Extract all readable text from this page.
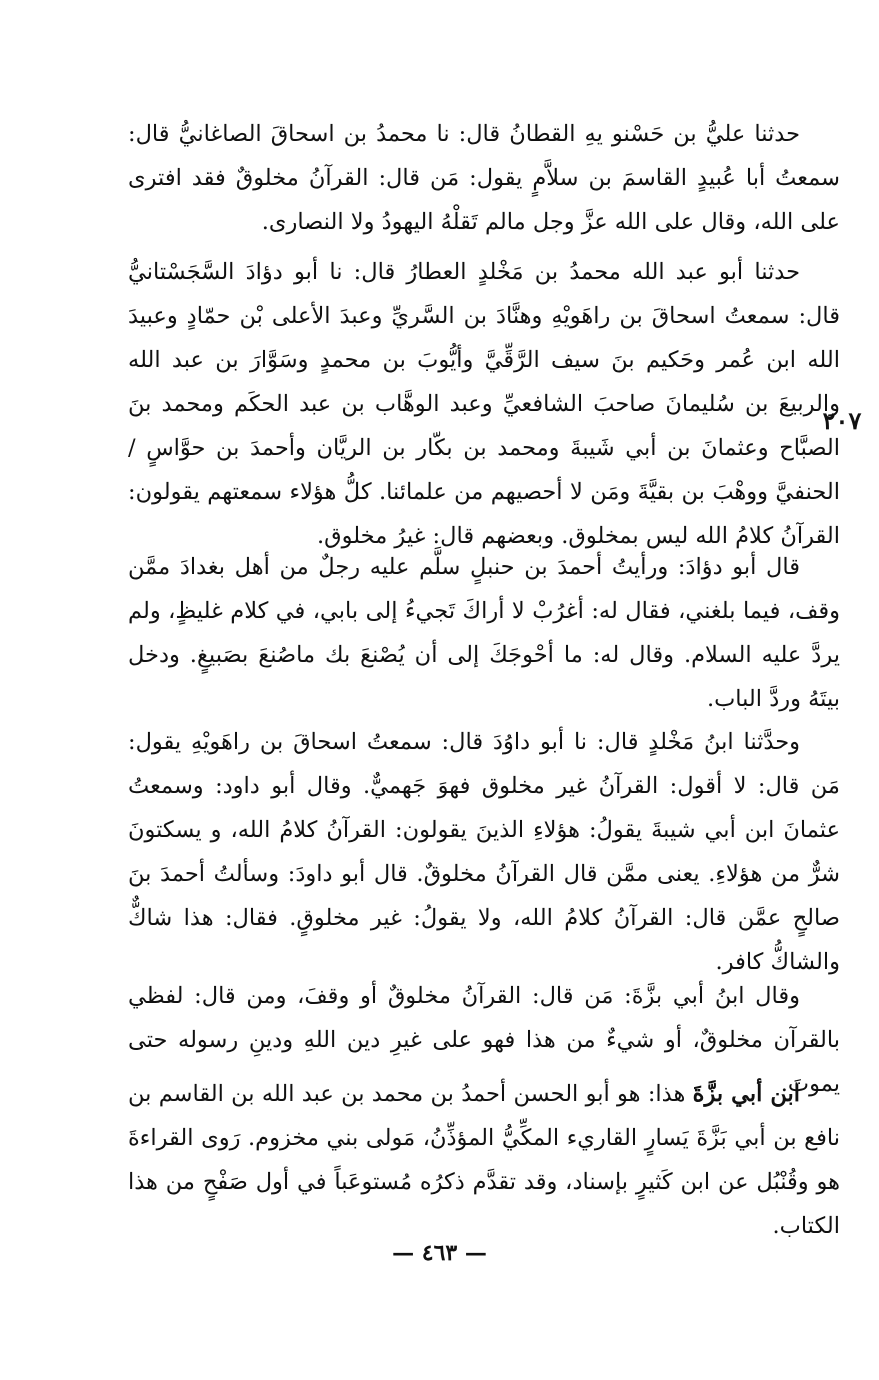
حدثنا عليُّ بن حَسْنو يهِ القطانُ قال: نا محمدُ بن اسحاقَ الصاغانيُّ قال: سمعتُ أبا عُبيدٍ القاسمَ بن سلاَّمٍ يقول: مَن قال: القرآنُ مخلوقٌ فقد افترى على الله، وقال على الله عزَّ وجل مالم تَقلْهُ اليهودُ ولا النصارى.

حدثنا أبو عبد الله محمدُ بن مَخْلدٍ العطارُ قال: نا أبو دؤادَ السَّجَسْتانيُّ قال: سمعتُ اسحاقَ بن راهَويْهِ وهنَّادَ بن السَّريِّ وعبدَ الأعلى بْن حمّادٍ وعبيدَ الله ابن عُمر وحَكيم بنَ سيف الرَّقِّيَّ وأيُّوبَ بن محمدٍ وسَوَّارَ بن عبد الله والربيعَ بن سُليمانَ صاحبَ الشافعيِّ وعبد الوهَّاب بن عبد الحكَم ومحمد بنَ الصبَّاح وعثمانَ بن أبي شَيبةَ ومحمد بن بكّار بن الريَّان وأحمدَ بن حوَّاسٍ / الحنفيَّ ووهْبَ بن بقيَّةَ ومَن لا أحصيهم من علمائنا. كلُّ هؤلاء سمعتهم يقولون: القرآنُ كلامُ الله ليس بمخلوق. وبعضهم قال: غيرُ مخلوق.

٢٠٧

قال أبو دؤادَ: ورأيتُ أحمدَ بن حنبلٍ سلَّم عليه رجلٌ من أهل بغدادَ ممَّن وقف، فيما بلغني، فقال له: أغرُبْ لا أراكَ تَجيءُ إلى بابي، في كلام غليظٍ، ولم يردَّ عليه السلام. وقال له: ما أحْوجَكَ إلى أن يُصْنعَ بك ماصُنعَ بصَبيغٍ. ودخل بيتَهُ وردَّ الباب.

وحدَّثنا ابنُ مَخْلدٍ قال: نا أبو داوُدَ قال: سمعتُ اسحاقَ بن راهَويْهِ يقول: مَن قال: لا أقول: القرآنُ غير مخلوق فهوَ جَهميٌّ. وقال أبو داود: وسمعتُ عثمانَ ابن أبي شيبةَ يقولُ: هؤلاءِ الذينَ يقولون: القرآنُ كلامُ الله، و يسكتونَ شرٌّ من هؤلاءِ. يعنى ممَّن قال القرآنُ مخلوقٌ. قال أبو داودَ: وسألتُ أحمدَ بنَ صالحٍ عمَّن قال: القرآنُ كلامُ الله، ولا يقولُ: غير مخلوقٍ. فقال: هذا شاكٌّ والشاكُّ كافر.

وقال ابنُ أبي بزَّةَ: مَن قال: القرآنُ مخلوقٌ أو وقفَ، ومن قال: لفظي بالقرآن مخلوقٌ، أو شيءٌ من هذا فهو على غيرِ دين اللهِ ودينِ رسوله حتى يموتَ.

ابن أبي بزَّةَ هذا: هو أبو الحسن أحمدُ بن محمد بن عبد الله بن القاسم بن نافع بن أبي بَزَّةَ يَسارٍ القاريء المكِّيُّ المؤذِّنُ، مَولى بني مخزوم. رَوى القراءةَ هو وقُنْبُل عن ابن كَثيرٍ بإسناد، وقد تقدَّم ذكرُه مُستوعَباً في أول صَفْحٍ من هذا الكتاب.

— ٤٦٣ —
